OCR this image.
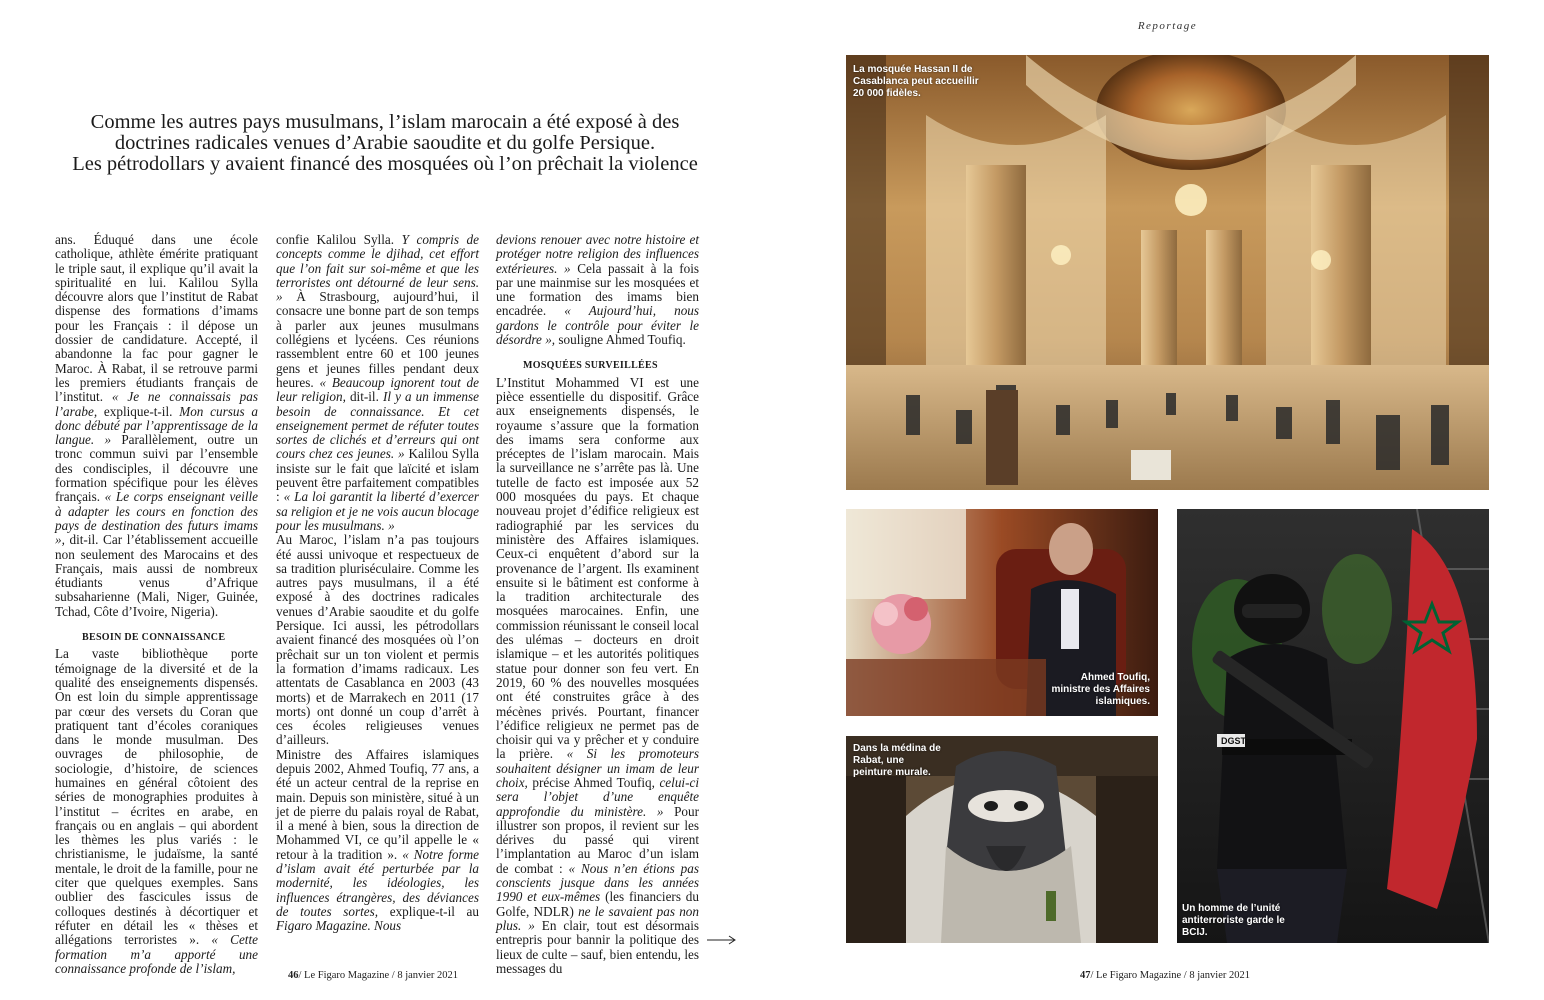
Reportage
Comme les autres pays musulmans, l’islam marocain a été exposé à des
doctrines radicales venues d’Arabie saoudite et du golfe Persique.
Les pétrodollars y avaient financé des mosquées où l’on prêchait la violence

ans. Éduqué dans une école catholique, athlète émérite pratiquant le triple saut, il explique qu’il avait la spiritualité en lui. Kalilou Sylla découvre alors que l’institut de Rabat dispense des formations d’imams pour les Français : il dépose un dossier de candidature. Accepté, il abandonne la fac pour gagner le Maroc. À Rabat, il se retrouve parmi les premiers étudiants français de l’institut. « Je ne connaissais pas l’arabe, explique-t-il. Mon cursus a donc débuté par l’apprentissage de la langue. » Parallèlement, outre un tronc commun suivi par l’ensemble des condisciples, il découvre une formation spécifique pour les élèves français. « Le corps enseignant veille à adapter les cours en fonction des pays de destination des futurs imams », dit-il. Car l’établissement accueille non seulement des Marocains et des Français, mais aussi de nombreux étudiants venus d’Afrique subsaharienne (Mali, Niger, Guinée, Tchad, Côte d’Ivoire, Nigeria).

BESOIN DE CONNAISSANCE

La vaste bibliothèque porte témoignage de la diversité et de la qualité des enseignements dispensés. On est loin du simple apprentissage par cœur des versets du Coran que pratiquent tant d’écoles coraniques dans le monde musulman. Des ouvrages de philosophie, de sociologie, d’histoire, de sciences humaines en général côtoient des séries de monographies produites à l’institut – écrites en arabe, en français ou en anglais – qui abordent les thèmes les plus variés : le christianisme, le judaïsme, la santé mentale, le droit de la famille, pour ne citer que quelques exemples. Sans oublier des fascicules issus de colloques destinés à décortiquer et réfuter en détail les « thèses et allégations terroristes ». « Cette formation m’a apporté une connaissance profonde de l’islam,

confie Kalilou Sylla. Y compris de concepts comme le djihad, cet effort que l’on fait sur soi-même et que les terroristes ont détourné de leur sens. » À Strasbourg, aujourd’hui, il consacre une bonne part de son temps à parler aux jeunes musulmans collégiens et lycéens. Ces réunions rassemblent entre 60 et 100 jeunes gens et jeunes filles pendant deux heures. « Beaucoup ignorent tout de leur religion, dit-il. Il y a un immense besoin de connaissance. Et cet enseignement permet de réfuter toutes sortes de clichés et d’erreurs qui ont cours chez ces jeunes. » Kalilou Sylla insiste sur le fait que laïcité et islam peuvent être parfaitement compatibles : « La loi garantit la liberté d’exercer sa religion et je ne vois aucun blocage pour les musulmans. »

Au Maroc, l’islam n’a pas toujours été aussi univoque et respectueux de sa tradition pluriséculaire. Comme les autres pays musulmans, il a été exposé à des doctrines radicales venues d’Arabie saoudite et du golfe Persique. Ici aussi, les pétrodollars avaient financé des mosquées où l’on prêchait sur un ton violent et permis la formation d’imams radicaux. Les attentats de Casablanca en 2003 (43 morts) et de Marrakech en 2011 (17 morts) ont donné un coup d’arrêt à ces écoles religieuses venues d’ailleurs.

Ministre des Affaires islamiques depuis 2002, Ahmed Toufiq, 77 ans, a été un acteur central de la reprise en main. Depuis son ministère, situé à un jet de pierre du palais royal de Rabat, il a mené à bien, sous la direction de Mohammed VI, ce qu’il appelle le « retour à la tradition ». « Notre forme d’islam avait été perturbée par la modernité, les idéologies, les influences étrangères, des déviances de toutes sortes, explique-t-il au Figaro Magazine. Nous

devions renouer avec notre histoire et protéger notre religion des influences extérieures. » Cela passait à la fois par une mainmise sur les mosquées et une formation des imams bien encadrée. « Aujourd’hui, nous gardons le contrôle pour éviter le désordre », souligne Ahmed Toufiq.

MOSQUÉES SURVEILLÉES

L’Institut Mohammed VI est une pièce essentielle du dispositif. Grâce aux enseignements dispensés, le royaume s’assure que la formation des imams sera conforme aux préceptes de l’islam marocain. Mais la surveillance ne s’arrête pas là. Une tutelle de facto est imposée aux 52 000 mosquées du pays. Et chaque nouveau projet d’édifice religieux est radiographié par les services du ministère des Affaires islamiques. Ceux-ci enquêtent d’abord sur la provenance de l’argent. Ils examinent ensuite si le bâtiment est conforme à la tradition architecturale des mosquées marocaines. Enfin, une commission réunissant le conseil local des ulémas – docteurs en droit islamique – et les autorités politiques statue pour donner son feu vert. En 2019, 60 % des nouvelles mosquées ont été construites grâce à des mécènes privés. Pourtant, financer l’édifice religieux ne permet pas de choisir qui va y prêcher et y conduire la prière. « Si les promoteurs souhaitent désigner un imam de leur choix, précise Ahmed Toufiq, celui-ci sera l’objet d’une enquête approfondie du ministère. » Pour illustrer son propos, il revient sur les dérives du passé qui virent l’implantation au Maroc d’un islam de combat : « Nous n’en étions pas conscients jusque dans les années 1990 et eux-mêmes (les financiers du Golfe, NDLR) ne le savaient pas non plus. » En clair, tout est désormais entrepris pour bannir la politique des lieux de culte – sauf, bien entendu, les messages du

La mosquée Hassan II de Casablanca peut accueillir 20 000 fidèles.
Ahmed Toufiq, ministre des Affaires islamiques.
Dans la médina de Rabat, une peinture murale.
DGST
Un homme de l’unité antiterroriste garde le BCIJ.
46/ Le Figaro Magazine / 8 janvier 2021	47/ Le Figaro Magazine / 8 janvier 2021
